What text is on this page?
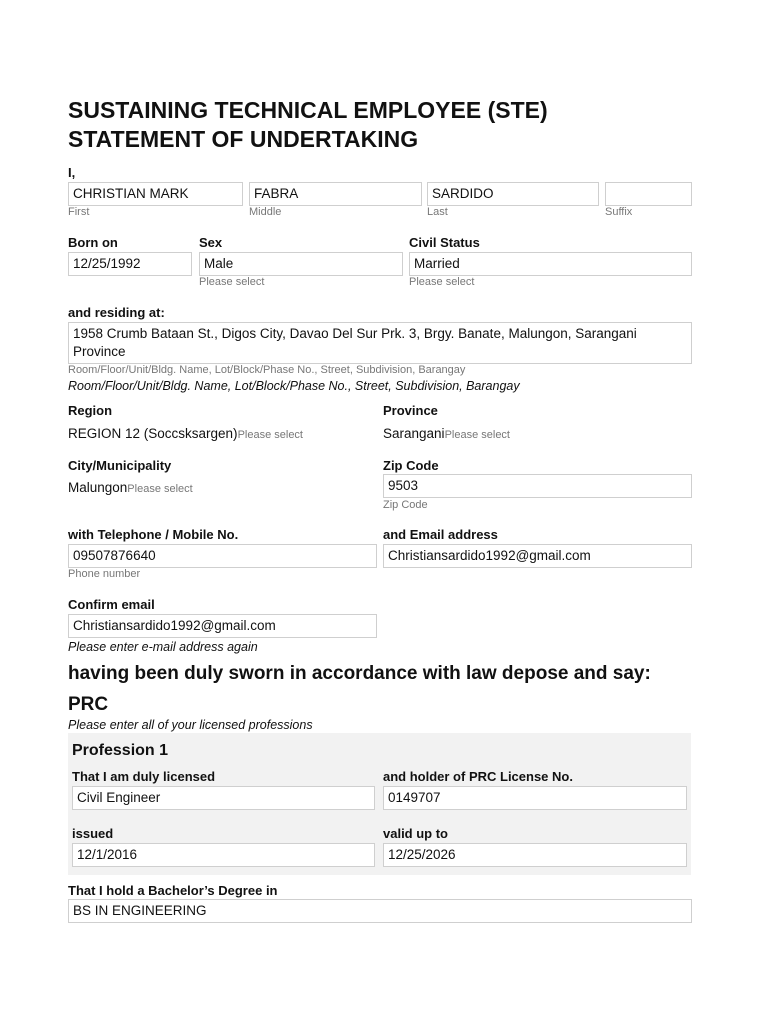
SUSTAINING TECHNICAL EMPLOYEE (STE)
STATEMENT OF UNDERTAKING
I,
CHRISTIAN MARK
First
FABRA
Middle
SARDIDO
Last	Suffix
Born on
12/25/1992
Sex
Male
Please select
Civil Status
Married
Please select
and residing at:
1958 Crumb Bataan St., Digos City, Davao Del Sur Prk. 3, Brgy. Banate, Malungon, Sarangani Province

Room/Floor/Unit/Bldg. Name, Lot/Block/Phase No., Street, Subdivision, Barangay
Room/Floor/Unit/Bldg. Name, Lot/Block/Phase No., Street, Subdivision, Barangay
Region
REGION 12 (Soccsksargen)Please select
Province
SaranganiPlease select
City/Municipality
MalungonPlease select
Zip Code
9503
Zip Code
with Telephone / Mobile No.
09507876640
Phone number
and Email address
Christiansardido1992@gmail.com
Confirm email
Christiansardido1992@gmail.com
Please enter e-mail address again
having been duly sworn in accordance with law depose and say:
PRC
Please enter all of your licensed professions
Profession 1
That I am duly licensed
Civil Engineer
and holder of PRC License No.
0149707
issued
12/1/2016
valid up to
12/25/2026
That I hold a Bachelor’s Degree in
BS IN ENGINEERING
